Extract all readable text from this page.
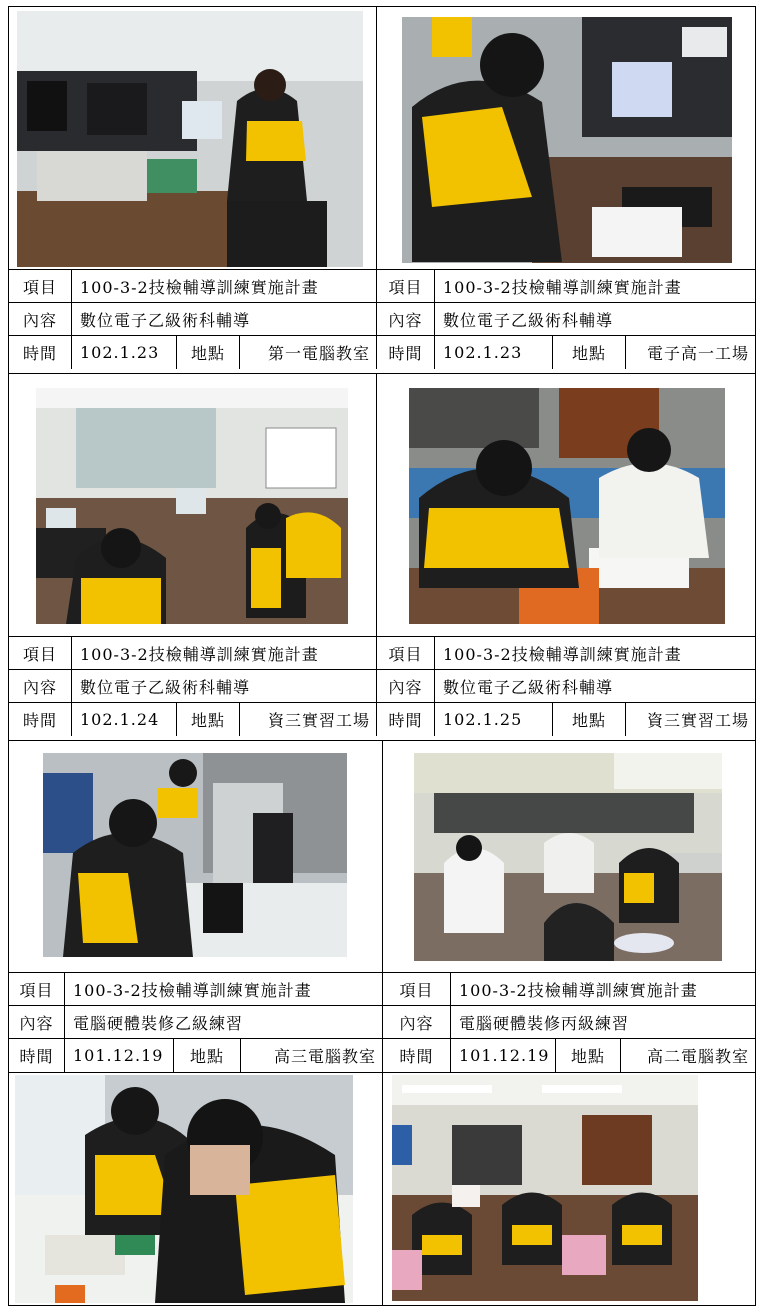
項目	100-3-2技檢輔導訓練實施計畫	項目	100-3-2技檢輔導訓練實施計畫
內容	數位電子乙級術科輔導	內容	數位電子乙級術科輔導
時間	102.1.23	地點	第一電腦教室	時間	102.1.23	地點	電子高一工場
項目	100-3-2技檢輔導訓練實施計畫	項目	100-3-2技檢輔導訓練實施計畫
內容	數位電子乙級術科輔導	內容	數位電子乙級術科輔導
時間	102.1.24	地點	資三實習工場	時間	102.1.25	地點	資三實習工場
項目	100-3-2技檢輔導訓練實施計畫	項目	100-3-2技檢輔導訓練實施計畫
內容	電腦硬體裝修乙級練習	內容	電腦硬體裝修丙級練習
時間	101.12.19	地點	高三電腦教室	時間	101.12.19	地點	高二電腦教室
